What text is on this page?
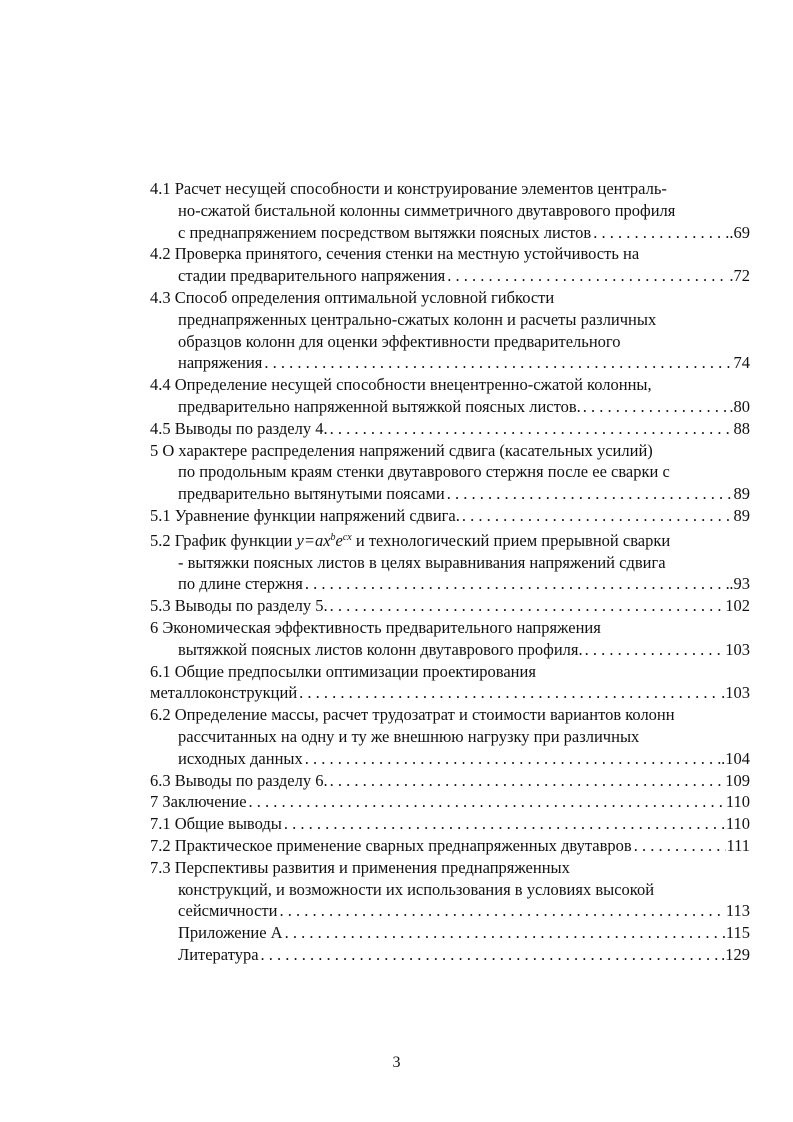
4.1 Расчет несущей способности и конструирование элементов централь-
но-сжатой бистальной колонны симметричного двутаврового профиля
с преднапряжением посредством вытяжки поясных листов . . .	.69
4.2 Проверка принятого, сечения стенки на местную устойчивость на
стадии предварительного напряжения . . .	.72
4.3 Способ определения оптимальной условной гибкости
преднапряженных центрально-сжатых колонн и расчеты различных
образцов колонн для оценки эффективности предварительного
напряжения . . .	74
4.4 Определение несущей способности внецентренно-сжатой колонны,
предварительно напряженной вытяжкой поясных листов. . . .	.80
4.5 Выводы по разделу 4. . . .	88
5 О характере распределения напряжений сдвига (касательных усилий)
по продольным краям стенки двутаврового стержня после ее сварки с
предварительно вытянутыми поясами . . .	89
5.1 Уравнение функции напряжений сдвига. . . .	89
5.2 График функции $y=ax^be^{cx}$ и технологический прием прерывной сварки
- вытяжки поясных листов в целях выравнивания напряжений сдвига
по длине стержня . . .	.93
5.3 Выводы по разделу 5. . . .	102
6 Экономическая эффективность предварительного напряжения
вытяжкой поясных листов колонн двутаврового профиля. . . .	103
6.1 Общие предпосылки оптимизации проектирования
металлоконструкций . . .	.103
6.2 Определение массы, расчет трудозатрат и стоимости вариантов колонн
рассчитанных на одну и ту же внешнюю нагрузку при различных
исходных данных . . .	.104
6.3 Выводы по разделу 6. . . .	109
7 Заключение . . .	110
7.1 Общие выводы . . .	110
7.2 Практическое применение сварных преднапряженных двутавров . . .	111
7.3 Перспективы развития и применения преднапряженных
конструкций, и возможности их использования в условиях высокой
сейсмичности . . .	113
Приложение А . . .	115
Литература . . .	.129
3
